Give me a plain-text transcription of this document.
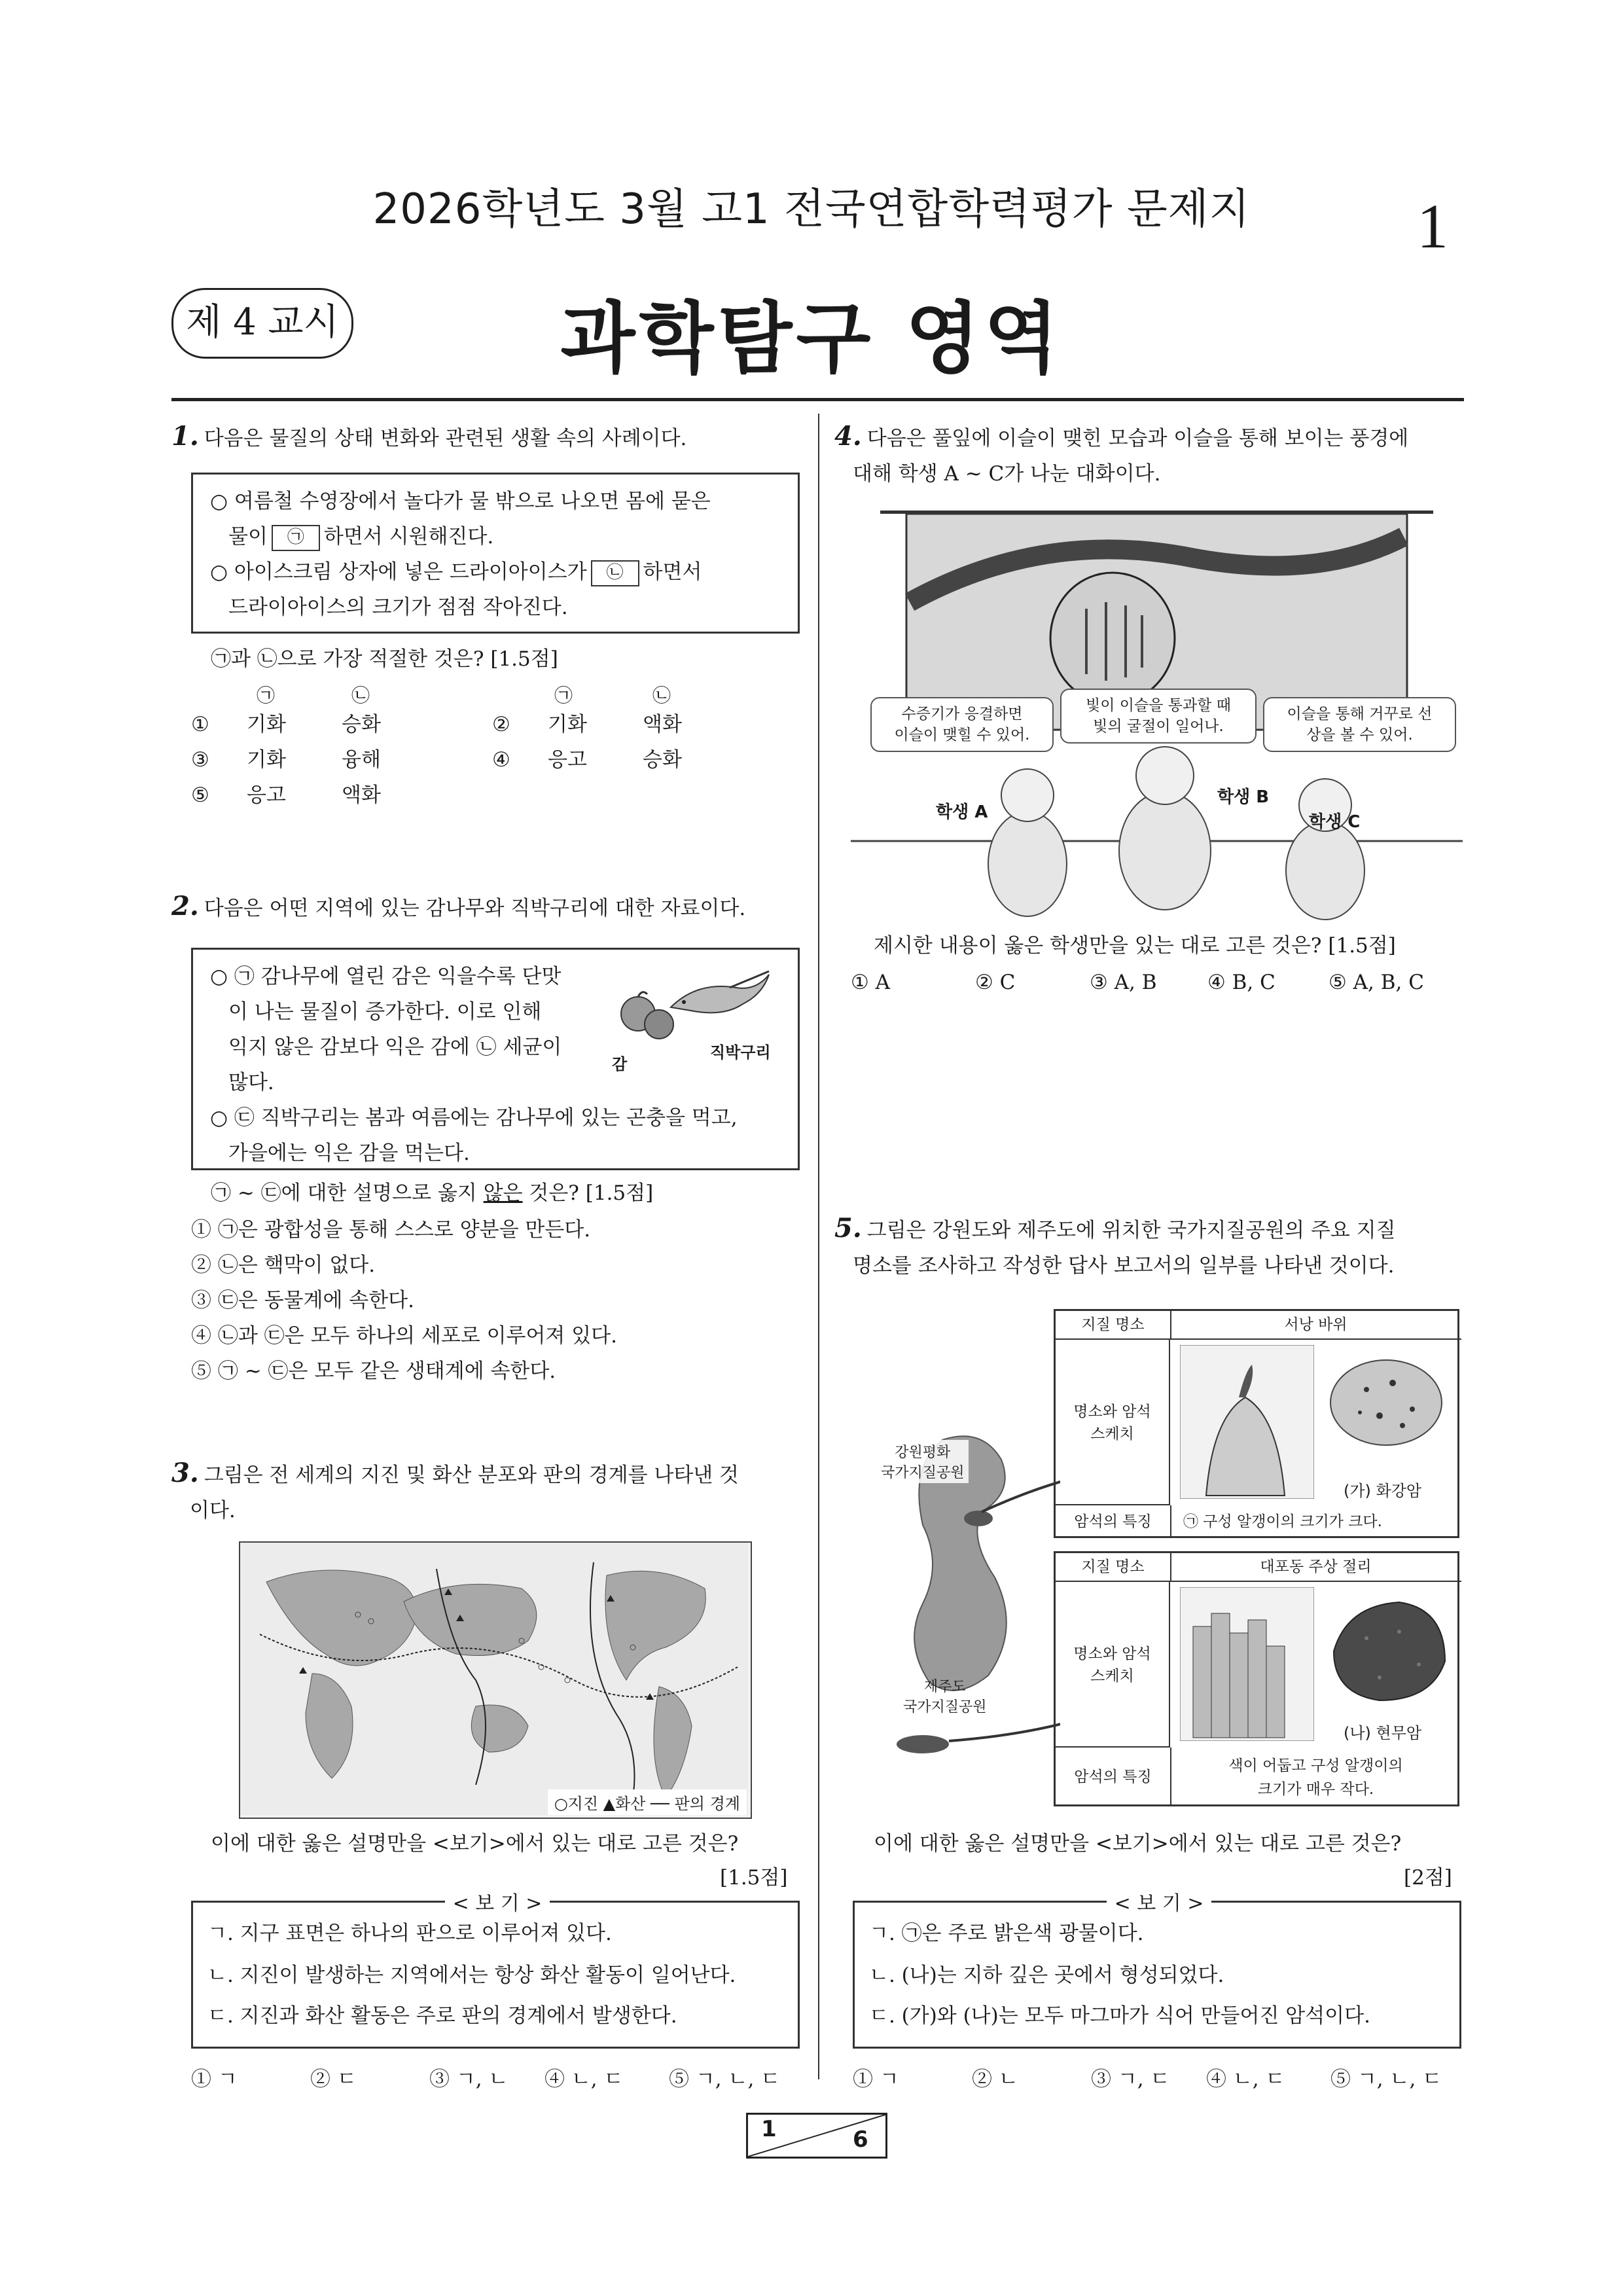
2026학년도 3월 고1 전국연합학력평가 문제지	1
제 4 교시	과학탐구 영역
1. 다음은 물질의 상태 변화와 관련된 생활 속의 사례이다.
○ 여름철 수영장에서 놀다가 물 밖으로 나오면 몸에 묻은
물이 ㉠ 하면서 시원해진다.
○ 아이스크림 상자에 넣은 드라이아이스가 ㉡ 하면서
드라이아이스의 크기가 점점 작아진다.
㉠과 ㉡으로 가장 적절한 것은? [1.5점]
㉠	㉡	㉠	㉡
① 기화	승화	② 기화	액화
③ 기화	융해	④ 응고	승화
⑤ 응고	액화
2. 다음은 어떤 지역에 있는 감나무와 직박구리에 대한 자료이다.
○ ㉠ 감나무에 열린 감은 익을수록 단맛
이 나는 물질이 증가한다. 이로 인해
익지 않은 감보다 익은 감에 ㉡ 세균이
많다.
○ ㉢ 직박구리는 봄과 여름에는 감나무에 있는 곤충을 먹고,
가을에는 익은 감을 먹는다.
감
직박구리
㉠ ~ ㉢에 대한 설명으로 옳지 않은 것은? [1.5점]
① ㉠은 광합성을 통해 스스로 양분을 만든다.
② ㉡은 핵막이 없다.
③ ㉢은 동물계에 속한다.
④ ㉡과 ㉢은 모두 하나의 세포로 이루어져 있다.
⑤ ㉠ ~ ㉢은 모두 같은 생태계에 속한다.
3. 그림은 전 세계의 지진 및 화산 분포와 판의 경계를 나타낸 것
이다.
○지진 ▲화산 ── 판의 경계
이에 대한 옳은 설명만을 <보기>에서 있는 대로 고른 것은?
[1.5점]
< 보 기 >
ㄱ. 지구 표면은 하나의 판으로 이루어져 있다.
ㄴ. 지진이 발생하는 지역에서는 항상 화산 활동이 일어난다.
ㄷ. 지진과 화산 활동은 주로 판의 경계에서 발생한다.
① ㄱ	② ㄷ	③ ㄱ, ㄴ ④ ㄴ, ㄷ ⑤ ㄱ, ㄴ, ㄷ
4. 다음은 풀잎에 이슬이 맺힌 모습과 이슬을 통해 보이는 풍경에
대해 학생 A ~ C가 나눈 대화이다.
수증기가 응결하면
이슬이 맺힐 수 있어.
빛이 이슬을 통과할 때
빛의 굴절이 일어나.
이슬을 통해 거꾸로 선
상을 볼 수 있어.
학생 A
학생 B
학생 C
제시한 내용이 옳은 학생만을 있는 대로 고른 것은? [1.5점]
① A	② C	③ A, B ④ B, C	⑤ A, B, C
5. 그림은 강원도와 제주도에 위치한 국가지질공원의 주요 지질
명소를 조사하고 작성한 답사 보고서의 일부를 나타낸 것이다.
강원평화
국가지질공원
제주도
국가지질공원
지질 명소	서낭 바위
명소와 암석
스케치
(가) 화강암
암석의 특징	㉠ 구성 알갱이의 크기가 크다.
지질 명소	대포동 주상 절리
명소와 암석
스케치
(나) 현무암
암석의 특징
색이 어둡고 구성 알갱이의
크기가 매우 작다.
이에 대한 옳은 설명만을 <보기>에서 있는 대로 고른 것은?
[2점]
< 보 기 >
ㄱ. ㉠은 주로 밝은색 광물이다.
ㄴ. (나)는 지하 깊은 곳에서 형성되었다.
ㄷ. (가)와 (나)는 모두 마그마가 식어 만들어진 암석이다.
① ㄱ	② ㄴ	③ ㄱ, ㄷ ④ ㄴ, ㄷ ⑤ ㄱ, ㄴ, ㄷ
1	6
